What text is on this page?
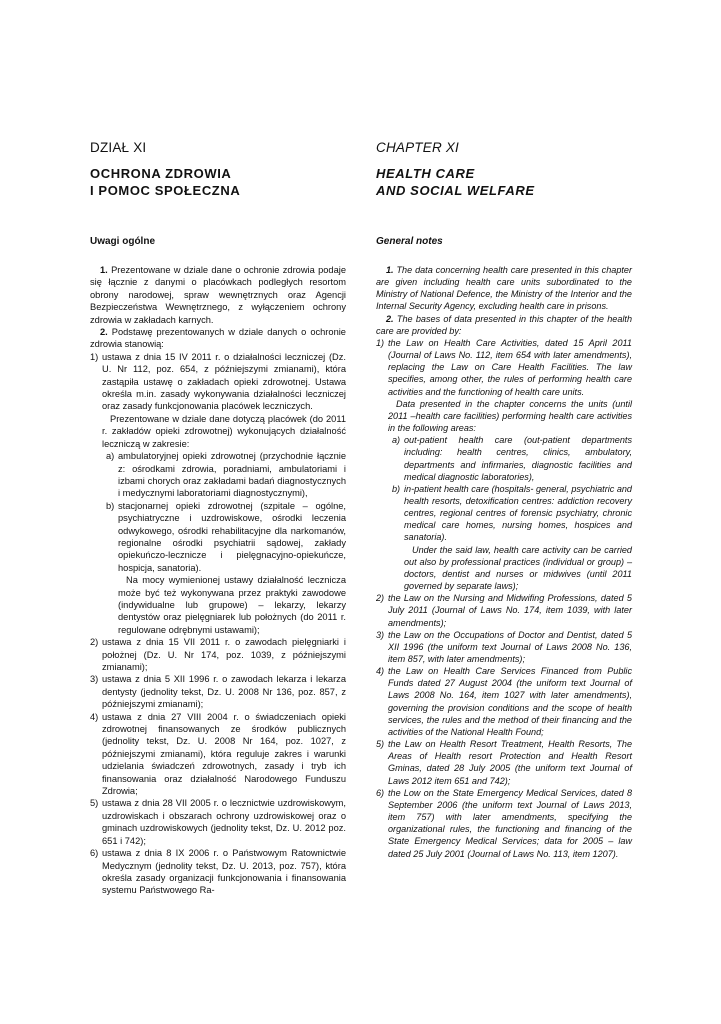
DZIAŁ XI
OCHRONA ZDROWIA
I POMOC SPOŁECZNA
Uwagi ogólne

1. Prezentowane w dziale dane o ochronie zdrowia podaje się łącznie z danymi o placówkach podległych resortom obrony narodowej, spraw wewnętrznych oraz Agencji Bezpieczeństwa Wewnętrznego, z wyłączeniem ochrony zdrowia w zakładach karnych.

2. Podstawę prezentowanych w dziale danych o ochronie zdrowia stanowią:

1) ustawa z dnia 15 IV 2011 r. o działalności leczniczej (Dz. U. Nr 112, poz. 654, z późniejszymi zmianami), która zastąpiła ustawę o zakładach opieki zdrowotnej. Ustawa określa m.in. zasady wykonywania działalności leczniczej oraz zasady funkcjonowania placówek leczniczych.

Prezentowane w dziale dane dotyczą placówek (do 2011 r. zakładów opieki zdrowotnej) wykonujących działalność leczniczą w zakresie:

a) ambulatoryjnej opieki zdrowotnej (przychodnie łącznie z: ośrodkami zdrowia, poradniami, ambulatoriami i izbami chorych oraz zakładami badań diagnostycznych i medycznymi laboratoriami diagnostycznymi),

b) stacjonarnej opieki zdrowotnej (szpitale – ogólne, psychiatryczne i uzdrowiskowe, ośrodki leczenia odwykowego, ośrodki rehabilitacyjne dla narkomanów, regionalne ośrodki psychiatrii sądowej, zakłady opiekuńczo-lecznicze i pielęgnacyjno-opiekuńcze, hospicja, sanatoria).

Na mocy wymienionej ustawy działalność lecznicza może być też wykonywana przez praktyki zawodowe (indywidualne lub grupowe) – lekarzy, lekarzy dentystów oraz pielęgniarek lub położnych (do 2011 r. regulowane odrębnymi ustawami);

2) ustawa z dnia 15 VII 2011 r. o zawodach pielęgniarki i położnej (Dz. U. Nr 174, poz. 1039, z późniejszymi zmianami);

3) ustawa z dnia 5 XII 1996 r. o zawodach lekarza i lekarza dentysty (jednolity tekst, Dz. U. 2008 Nr 136, poz. 857, z późniejszymi zmianami);

4) ustawa z dnia 27 VIII 2004 r. o świadczeniach opieki zdrowotnej finansowanych ze środków publicznych (jednolity tekst, Dz. U. 2008 Nr 164, poz. 1027, z późniejszymi zmianami), która reguluje zakres i warunki udzielania świadczeń zdrowotnych, zasady i tryb ich finansowania oraz działalność Narodowego Funduszu Zdrowia;

5) ustawa z dnia 28 VII 2005 r. o lecznictwie uzdrowiskowym, uzdrowiskach i obszarach ochrony uzdrowiskowej oraz o gminach uzdrowiskowych (jednolity tekst, Dz. U. 2012 poz. 651 i 742);

6) ustawa z dnia 8 IX 2006 r. o Państwowym Ratownictwie Medycznym (jednolity tekst, Dz. U. 2013, poz. 757), która określa zasady organizacji funkcjonowania i finansowania systemu Państwowego Ra-

CHAPTER XI
HEALTH CARE
AND SOCIAL WELFARE
General notes

1. The data concerning health care presented in this chapter are given including health care units subordinated to the Ministry of National Defence, the Ministry of the Interior and the Internal Security Agency, excluding health care in prisons.

2. The bases of data presented in this chapter of the health care are provided by:

1) the Law on Health Care Activities, dated 15 April 2011 (Journal of Laws No. 112, item 654 with later amendments), replacing the Law on Care Health Facilities. The law specifies, among other, the rules of performing health care activities and the functioning of health care units.

Data presented in the chapter concerns the units (until 2011 –health care facilities) performing health care activities in the following areas:

a) out-patient health care (out-patient departments including: health centres, clinics, ambulatory, departments and infirmaries, diagnostic facilities and medical diagnostic laboratories),

b) in-patient health care (hospitals- general, psychiatric and health resorts, detoxification centres: addiction recovery centres, regional centres of forensic psychiatry, chronic medical care homes, nursing homes, hospices and sanatoria).

Under the said law, health care activity can be carried out also by professional practices (individual or group) – doctors, dentist and nurses or midwives (until 2011 governed by separate laws);

2) the Law on the Nursing and Midwifing Professions, dated 5 July 2011 (Journal of Laws No. 174, item 1039, with later amendments);

3) the Law on the Occupations of Doctor and Dentist, dated 5 XII 1996 (the uniform text Journal of Laws 2008 No. 136, item 857, with later amendments);

4) the Law on Health Care Services Financed from Public Funds dated 27 August 2004 (the uniform text Journal of Laws 2008 No. 164, item 1027 with later amendments), governing the provision conditions and the scope of health services, the rules and the method of their financing and the activities of the National Health Found;

5) the Law on Health Resort Treatment, Health Resorts, The Areas of Health resort Protection and Health Resort Gminas, dated 28 July 2005 (the uniform text Journal of Laws 2012 item 651 and 742);

6) the Low on the State Emergency Medical Services, dated 8 September 2006 (the uniform text Journal of Laws 2013, item 757) with later amendments, specifying the organizational rules, the functioning and financing of the State Emergency Medical Services; data for 2005 – law dated 25 July 2001 (Journal of Laws No. 113, item 1207).
